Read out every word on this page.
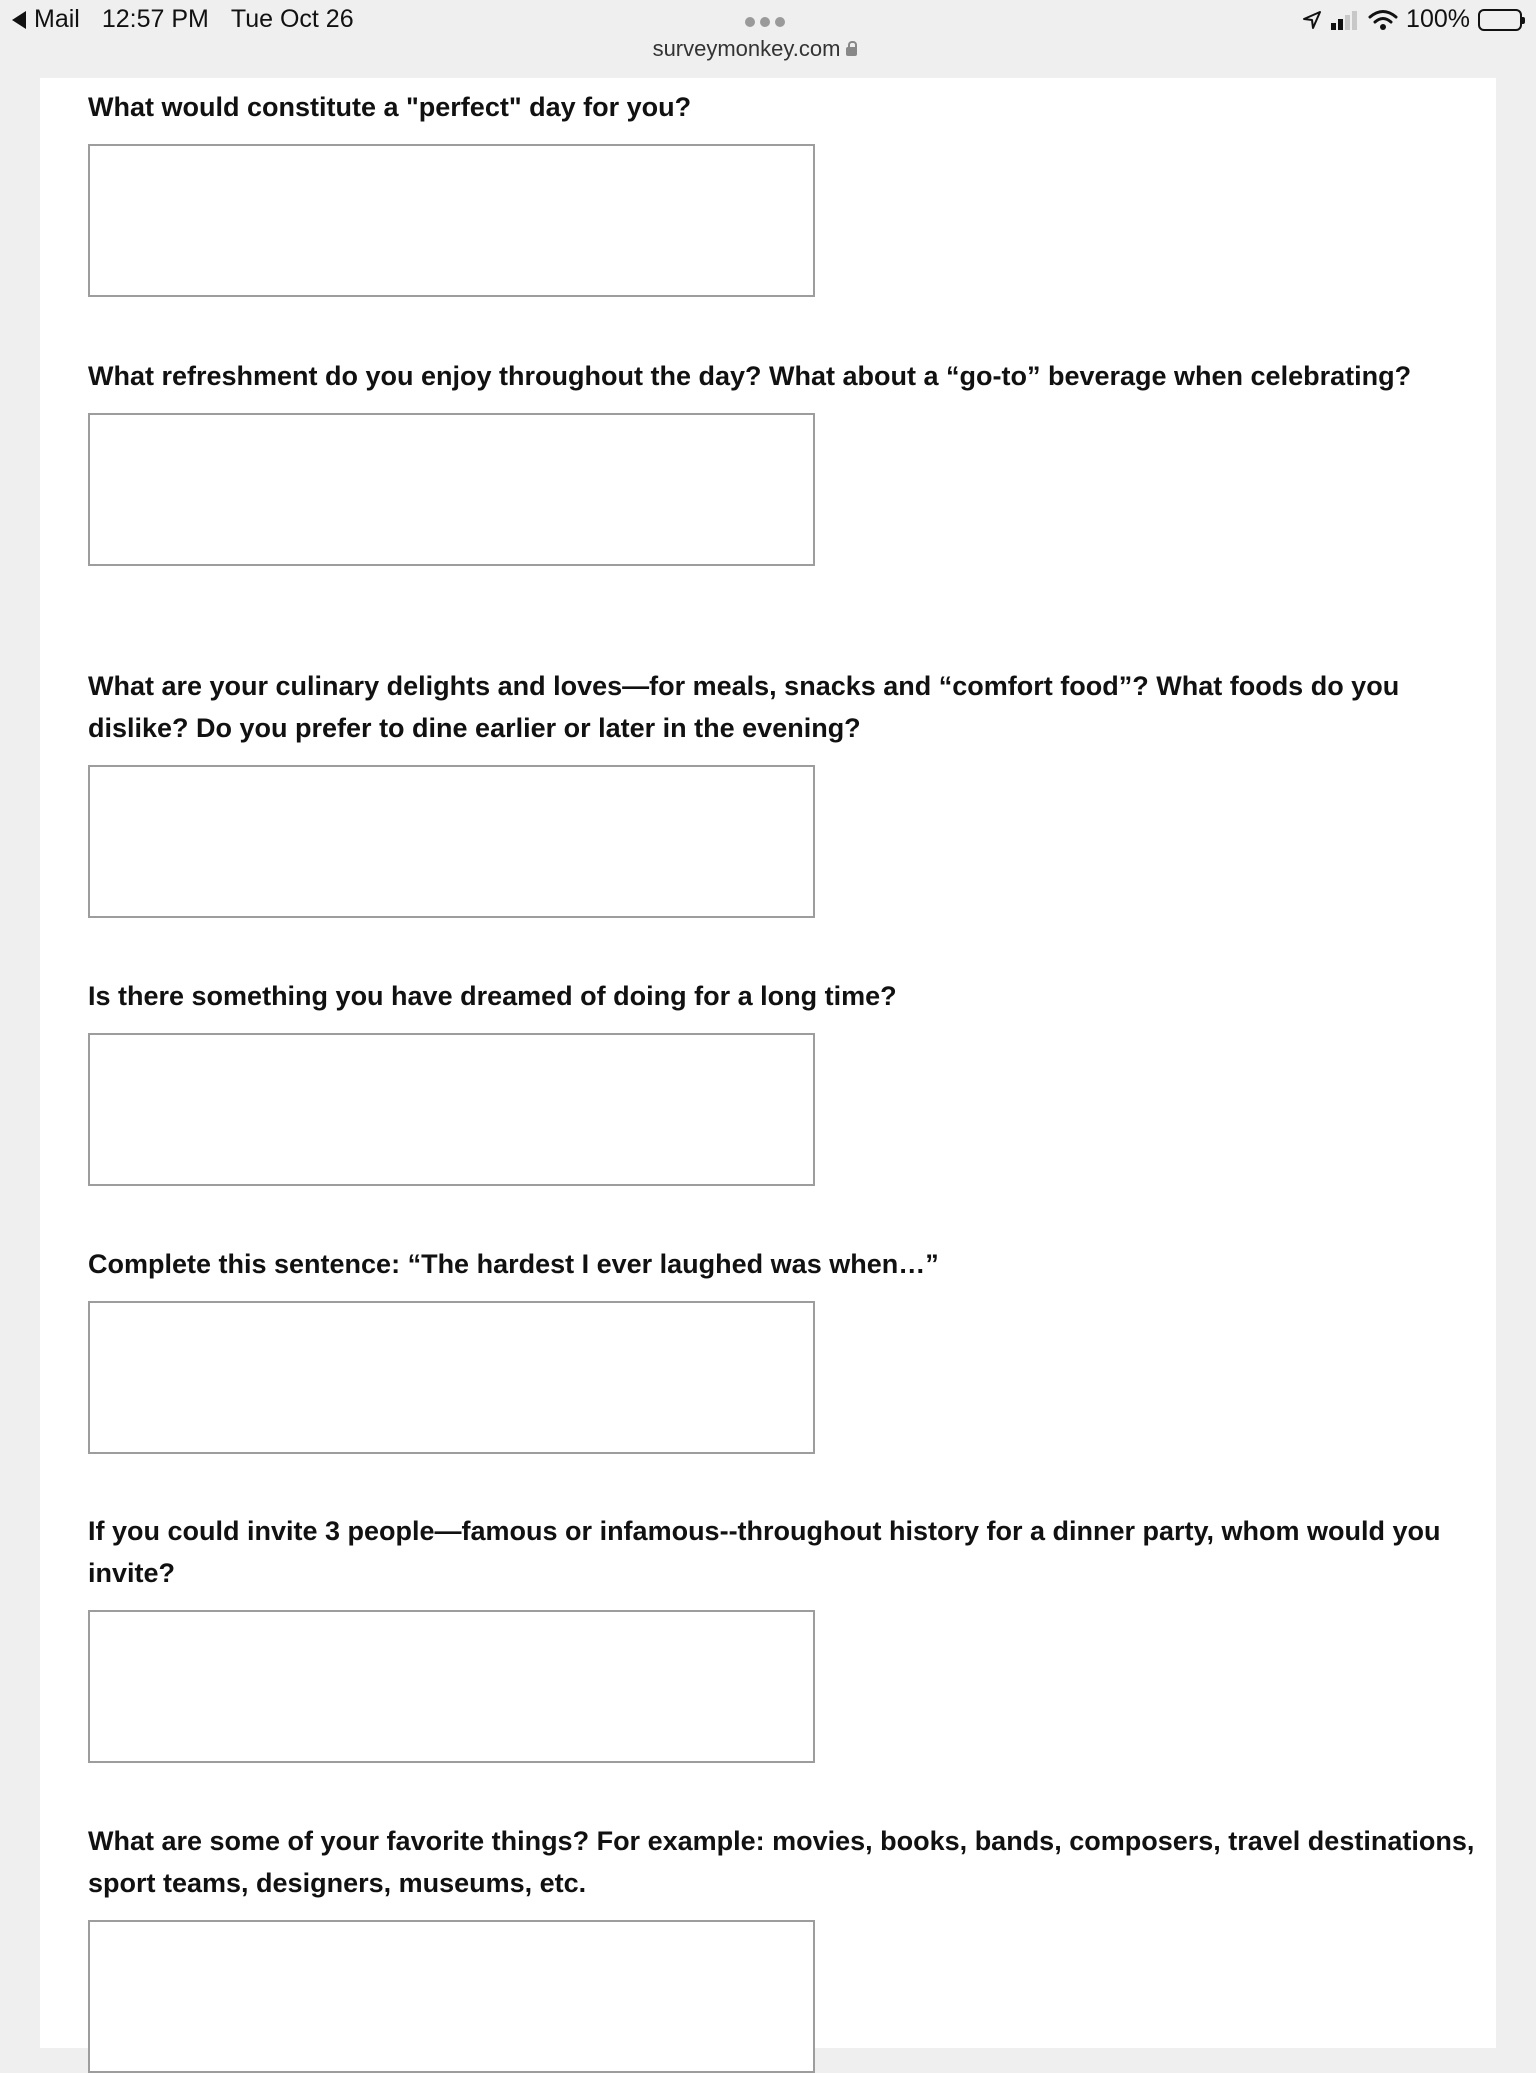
Mail 12:57 PM Tue Oct 26	100%
surveymonkey.com

What would constitute a "perfect" day for you?

What refreshment do you enjoy throughout the day? What about a “go-to” beverage when celebrating?

What are your culinary delights and loves—for meals, snacks and “comfort food”? What foods do you dislike? Do you prefer to dine earlier or later in the evening?

Is there something you have dreamed of doing for a long time?

Complete this sentence: “The hardest I ever laughed was when…”

If you could invite 3 people—famous or infamous--throughout history for a dinner party, whom would you invite?

What are some of your favorite things? For example: movies, books, bands, composers, travel destinations, sport teams, designers, museums, etc.
